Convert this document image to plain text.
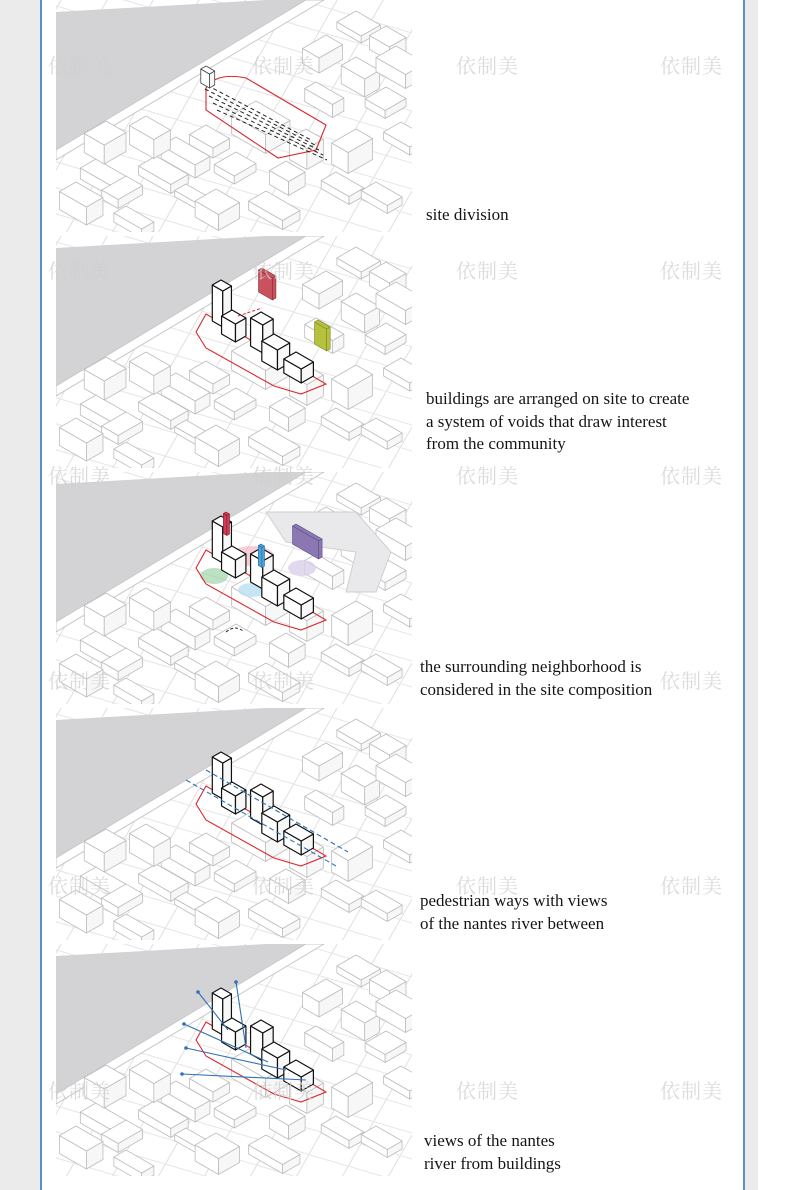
site division

buildings are arranged on site to create
a system of voids that draw interest
from the community

the surrounding neighborhood is
considered in the site composition

pedestrian ways with views
of the nantes river between

views of the nantes
river from buildings

依制美	依制美
依制美	依制美
依制美	依制美
依制美
依制美	依制美
依制美	依制美
依制美	依制美
依制美	依制美
依制美	依制美
依制美	依制美
依制美	依制美
依制美	依制美
